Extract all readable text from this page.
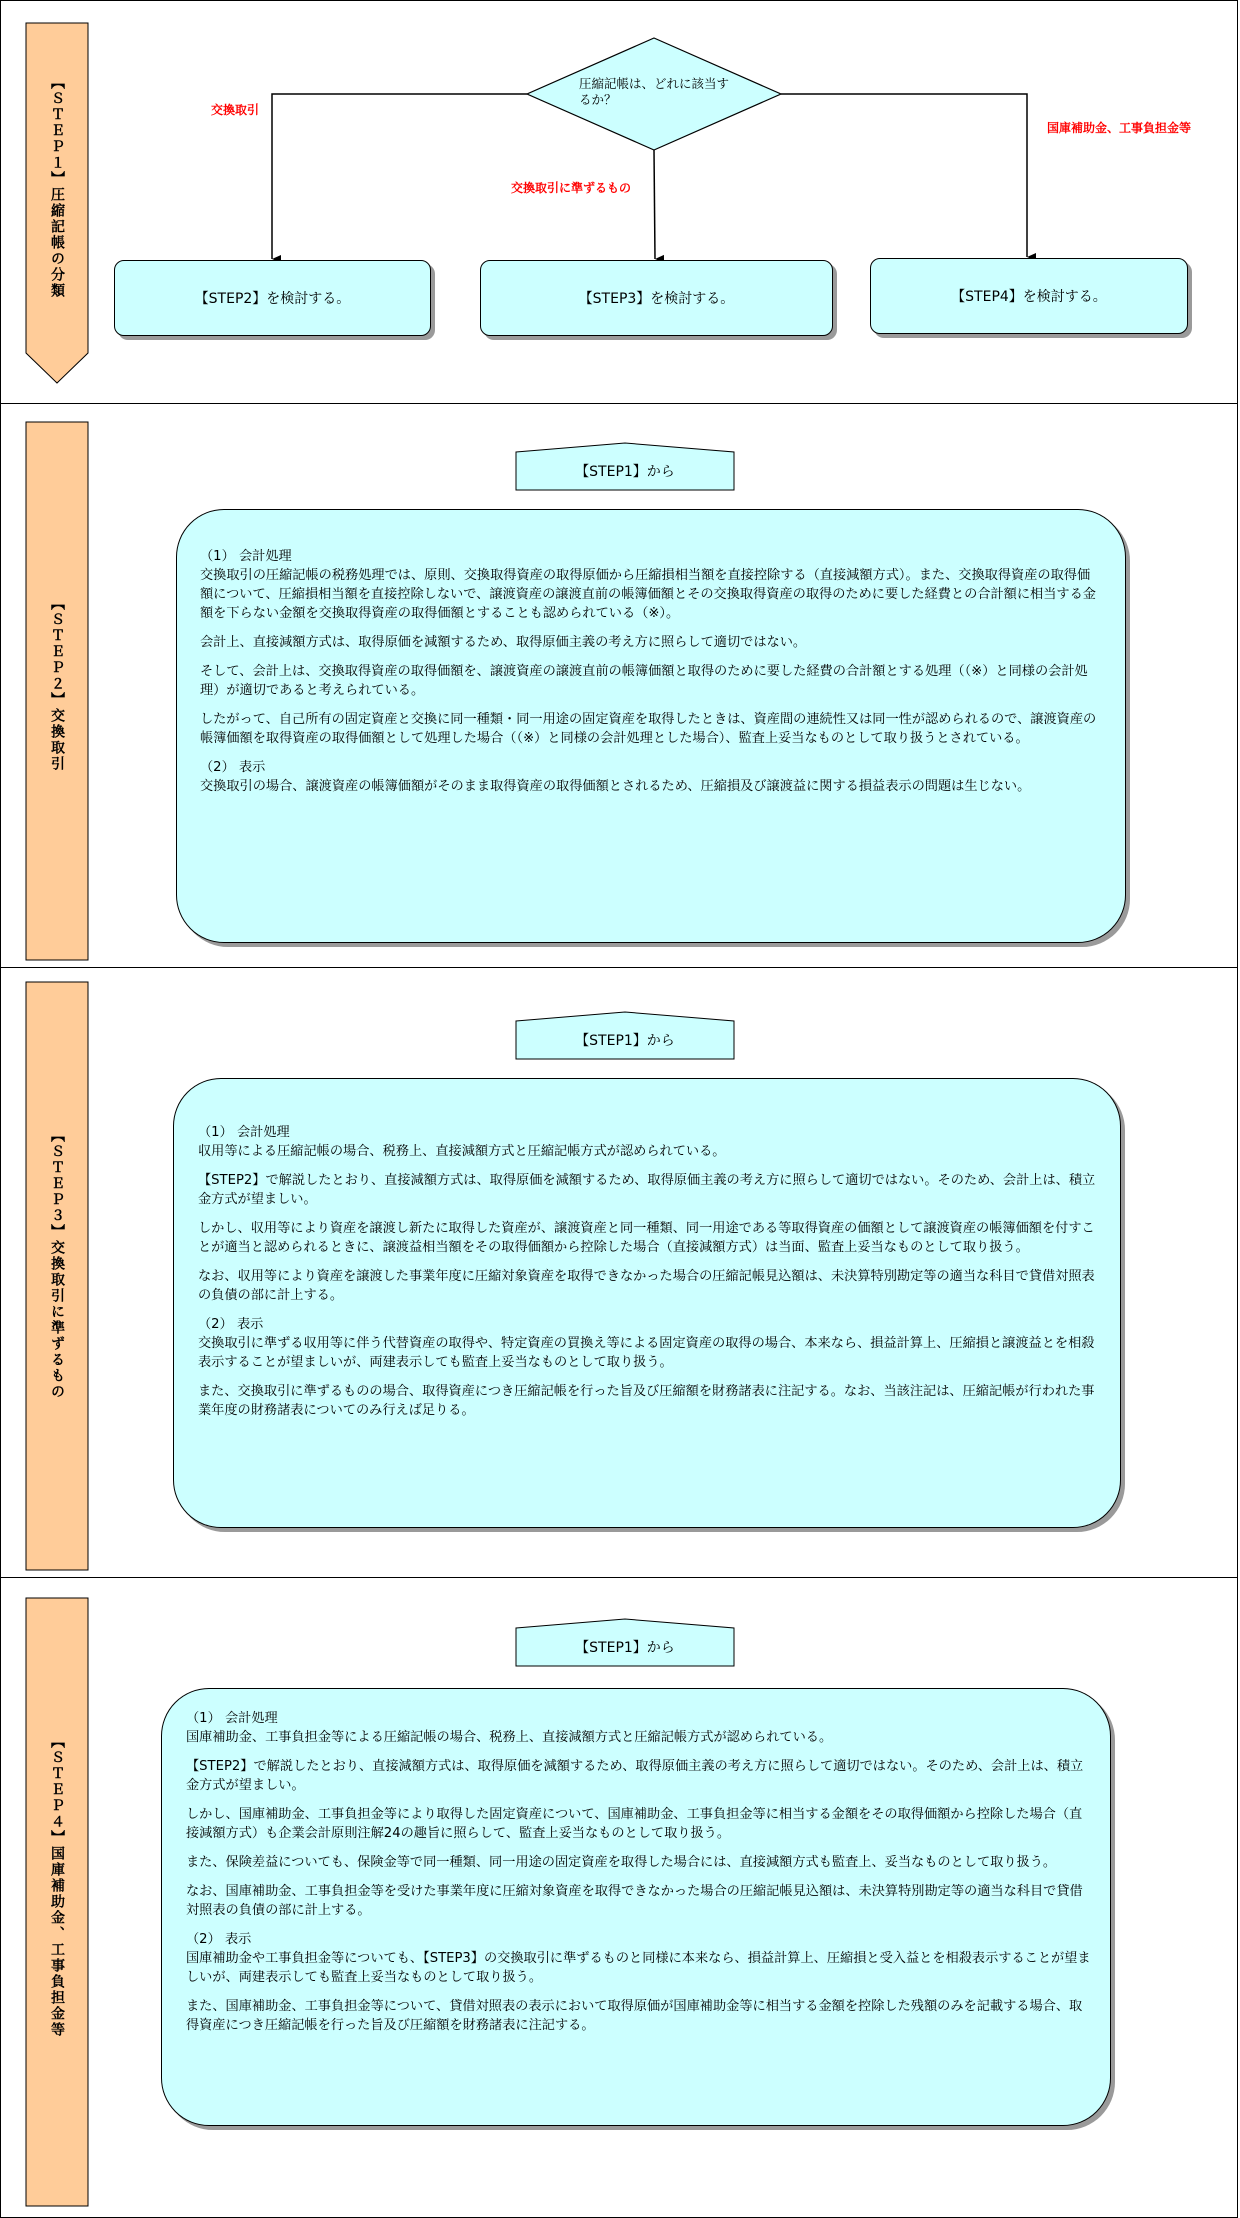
【ＳＴＥＰ１】圧縮記帳の分類	圧縮記帳は、どれに該当するか？
交換取引
交換取引に準ずるもの
国庫補助金、工事負担金等
【STEP2】を検討する。	【STEP3】を検討する。	【STEP4】を検討する。
【ＳＴＥＰ２】交換取引
【STEP1】から

（1） 会計処理

交換取引の圧縮記帳の税務処理では、原則、交換取得資産の取得原価から圧縮損相当額を直接控除する（直接減額方式）。また、交換取得資産の取得価額について、圧縮損相当額を直接控除しないで、譲渡資産の譲渡直前の帳簿価額とその交換取得資産の取得のために要した経費との合計額に相当する金額を下らない金額を交換取得資産の取得価額とすることも認められている（※）。

会計上、直接減額方式は、取得原価を減額するため、取得原価主義の考え方に照らして適切ではない。

そして、会計上は、交換取得資産の取得価額を、譲渡資産の譲渡直前の帳簿価額と取得のために要した経費の合計額とする処理（（※）と同様の会計処理）が適切であると考えられている。

したがって、自己所有の固定資産と交換に同一種類・同一用途の固定資産を取得したときは、資産間の連続性又は同一性が認められるので、譲渡資産の帳簿価額を取得資産の取得価額として処理した場合（（※）と同様の会計処理とした場合）、監査上妥当なものとして取り扱うとされている。

（2） 表示

交換取引の場合、譲渡資産の帳簿価額がそのまま取得資産の取得価額とされるため、圧縮損及び譲渡益に関する損益表示の問題は生じない。

【ＳＴＥＰ３】交換取引に準ずるもの
【STEP1】から

（1） 会計処理

収用等による圧縮記帳の場合、税務上、直接減額方式と圧縮記帳方式が認められている。

【STEP2】で解説したとおり、直接減額方式は、取得原価を減額するため、取得原価主義の考え方に照らして適切ではない。そのため、会計上は、積立金方式が望ましい。

しかし、収用等により資産を譲渡し新たに取得した資産が、譲渡資産と同一種類、同一用途である等取得資産の価額として譲渡資産の帳簿価額を付すことが適当と認められるときに、譲渡益相当額をその取得価額から控除した場合（直接減額方式）は当面、監査上妥当なものとして取り扱う。

なお、収用等により資産を譲渡した事業年度に圧縮対象資産を取得できなかった場合の圧縮記帳見込額は、未決算特別勘定等の適当な科目で貸借対照表の負債の部に計上する。

（2） 表示

交換取引に準ずる収用等に伴う代替資産の取得や、特定資産の買換え等による固定資産の取得の場合、本来なら、損益計算上、圧縮損と譲渡益とを相殺表示することが望ましいが、両建表示しても監査上妥当なものとして取り扱う。

また、交換取引に準ずるものの場合、取得資産につき圧縮記帳を行った旨及び圧縮額を財務諸表に注記する。なお、当該注記は、圧縮記帳が行われた事業年度の財務諸表についてのみ行えば足りる。

【ＳＴＥＰ４】国庫補助金、工事負担金等
【STEP1】から

（1） 会計処理

国庫補助金、工事負担金等による圧縮記帳の場合、税務上、直接減額方式と圧縮記帳方式が認められている。

【STEP2】で解説したとおり、直接減額方式は、取得原価を減額するため、取得原価主義の考え方に照らして適切ではない。そのため、会計上は、積立金方式が望ましい。

しかし、国庫補助金、工事負担金等により取得した固定資産について、国庫補助金、工事負担金等に相当する金額をその取得価額から控除した場合（直接減額方式）も企業会計原則注解24の趣旨に照らして、監査上妥当なものとして取り扱う。

また、保険差益についても、保険金等で同一種類、同一用途の固定資産を取得した場合には、直接減額方式も監査上、妥当なものとして取り扱う。

なお、国庫補助金、工事負担金等を受けた事業年度に圧縮対象資産を取得できなかった場合の圧縮記帳見込額は、未決算特別勘定等の適当な科目で貸借対照表の負債の部に計上する。

（2） 表示

国庫補助金や工事負担金等についても、【STEP3】の交換取引に準ずるものと同様に本来なら、損益計算上、圧縮損と受入益とを相殺表示することが望ましいが、両建表示しても監査上妥当なものとして取り扱う。

また、国庫補助金、工事負担金等について、貸借対照表の表示において取得原価が国庫補助金等に相当する金額を控除した残額のみを記載する場合、取得資産につき圧縮記帳を行った旨及び圧縮額を財務諸表に注記する。
